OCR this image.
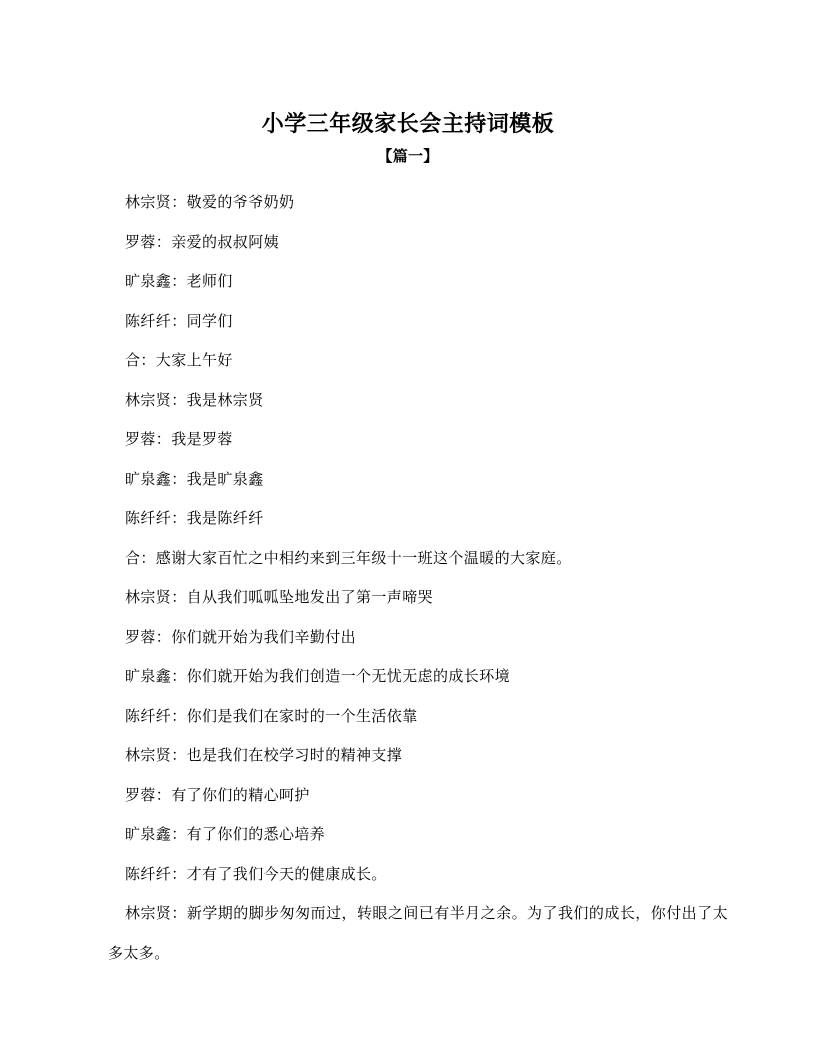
小学三年级家长会主持词模板
【篇一】

林宗贤：敬爱的爷爷奶奶

罗蓉：亲爱的叔叔阿姨

旷泉鑫：老师们

陈纤纤：同学们

合：大家上午好

林宗贤：我是林宗贤

罗蓉：我是罗蓉

旷泉鑫：我是旷泉鑫

陈纤纤：我是陈纤纤

合：感谢大家百忙之中相约来到三年级十一班这个温暖的大家庭。

林宗贤：自从我们呱呱坠地发出了第一声啼哭

罗蓉：你们就开始为我们辛勤付出

旷泉鑫：你们就开始为我们创造一个无忧无虑的成长环境

陈纤纤：你们是我们在家时的一个生活依靠

林宗贤：也是我们在校学习时的精神支撑

罗蓉：有了你们的精心呵护

旷泉鑫：有了你们的悉心培养

陈纤纤：才有了我们今天的健康成长。

林宗贤：新学期的脚步匆匆而过，转眼之间已有半月之余。为了我们的成长，你付出了太多太多。
